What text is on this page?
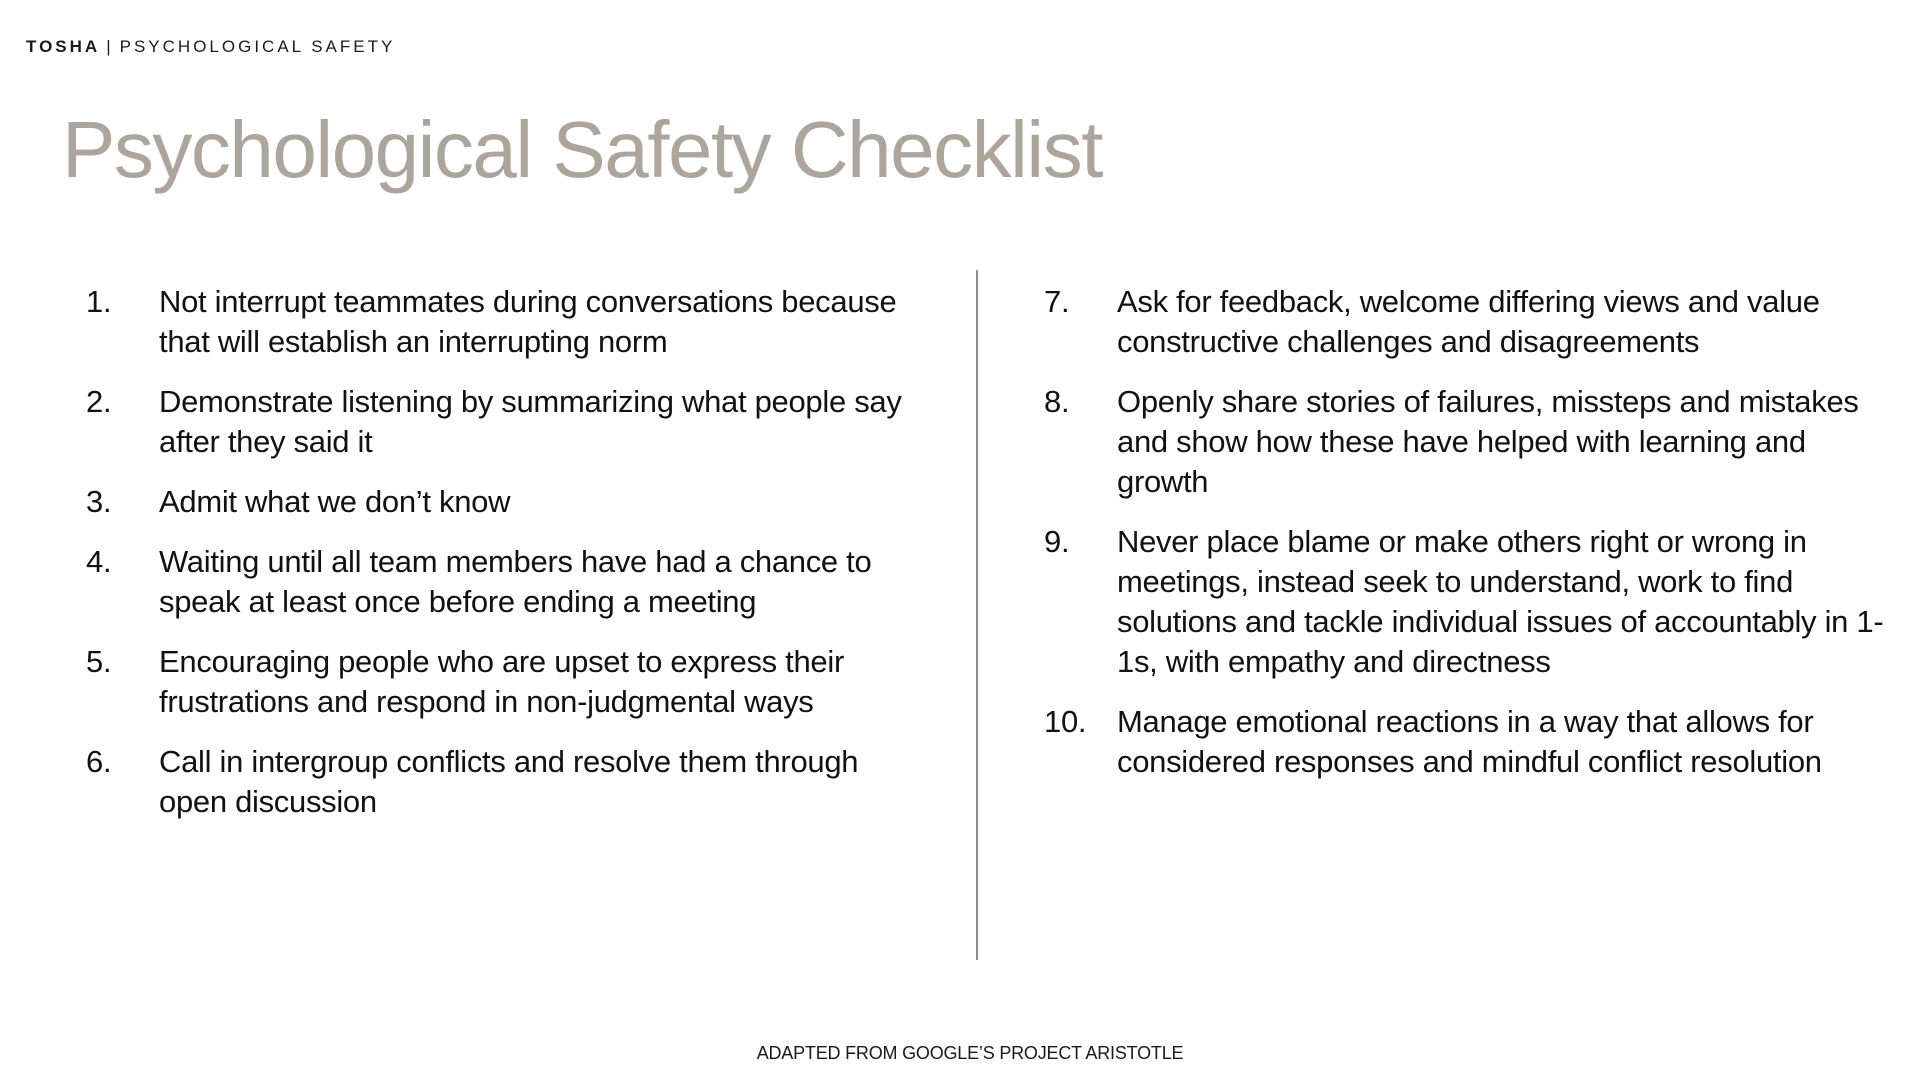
TOSHA | PSYCHOLOGICAL SAFETY
Psychological Safety Checklist
1.	Not interrupt teammates during conversations because that will establish an interrupting norm
2.	Demonstrate listening by summarizing what people say after they said it
3.	Admit what we don’t know
4.	Waiting until all team members have had a chance to speak at least once before ending a meeting
5.	Encouraging people who are upset to express their frustrations and respond in non-judgmental ways
6.	Call in intergroup conflicts and resolve them through open discussion
7.	Ask for feedback, welcome differing views and value constructive challenges and disagreements
8.	Openly share stories of failures, missteps and mistakes and show how these have helped with learning and growth
9.	Never place blame or make others right or wrong in meetings, instead seek to understand, work to find solutions and tackle individual issues of accountably in 1-1s, with empathy and directness
10. Manage emotional reactions in a way that allows for considered responses and mindful conflict resolution
ADAPTED FROM GOOGLE’S PROJECT ARISTOTLE
